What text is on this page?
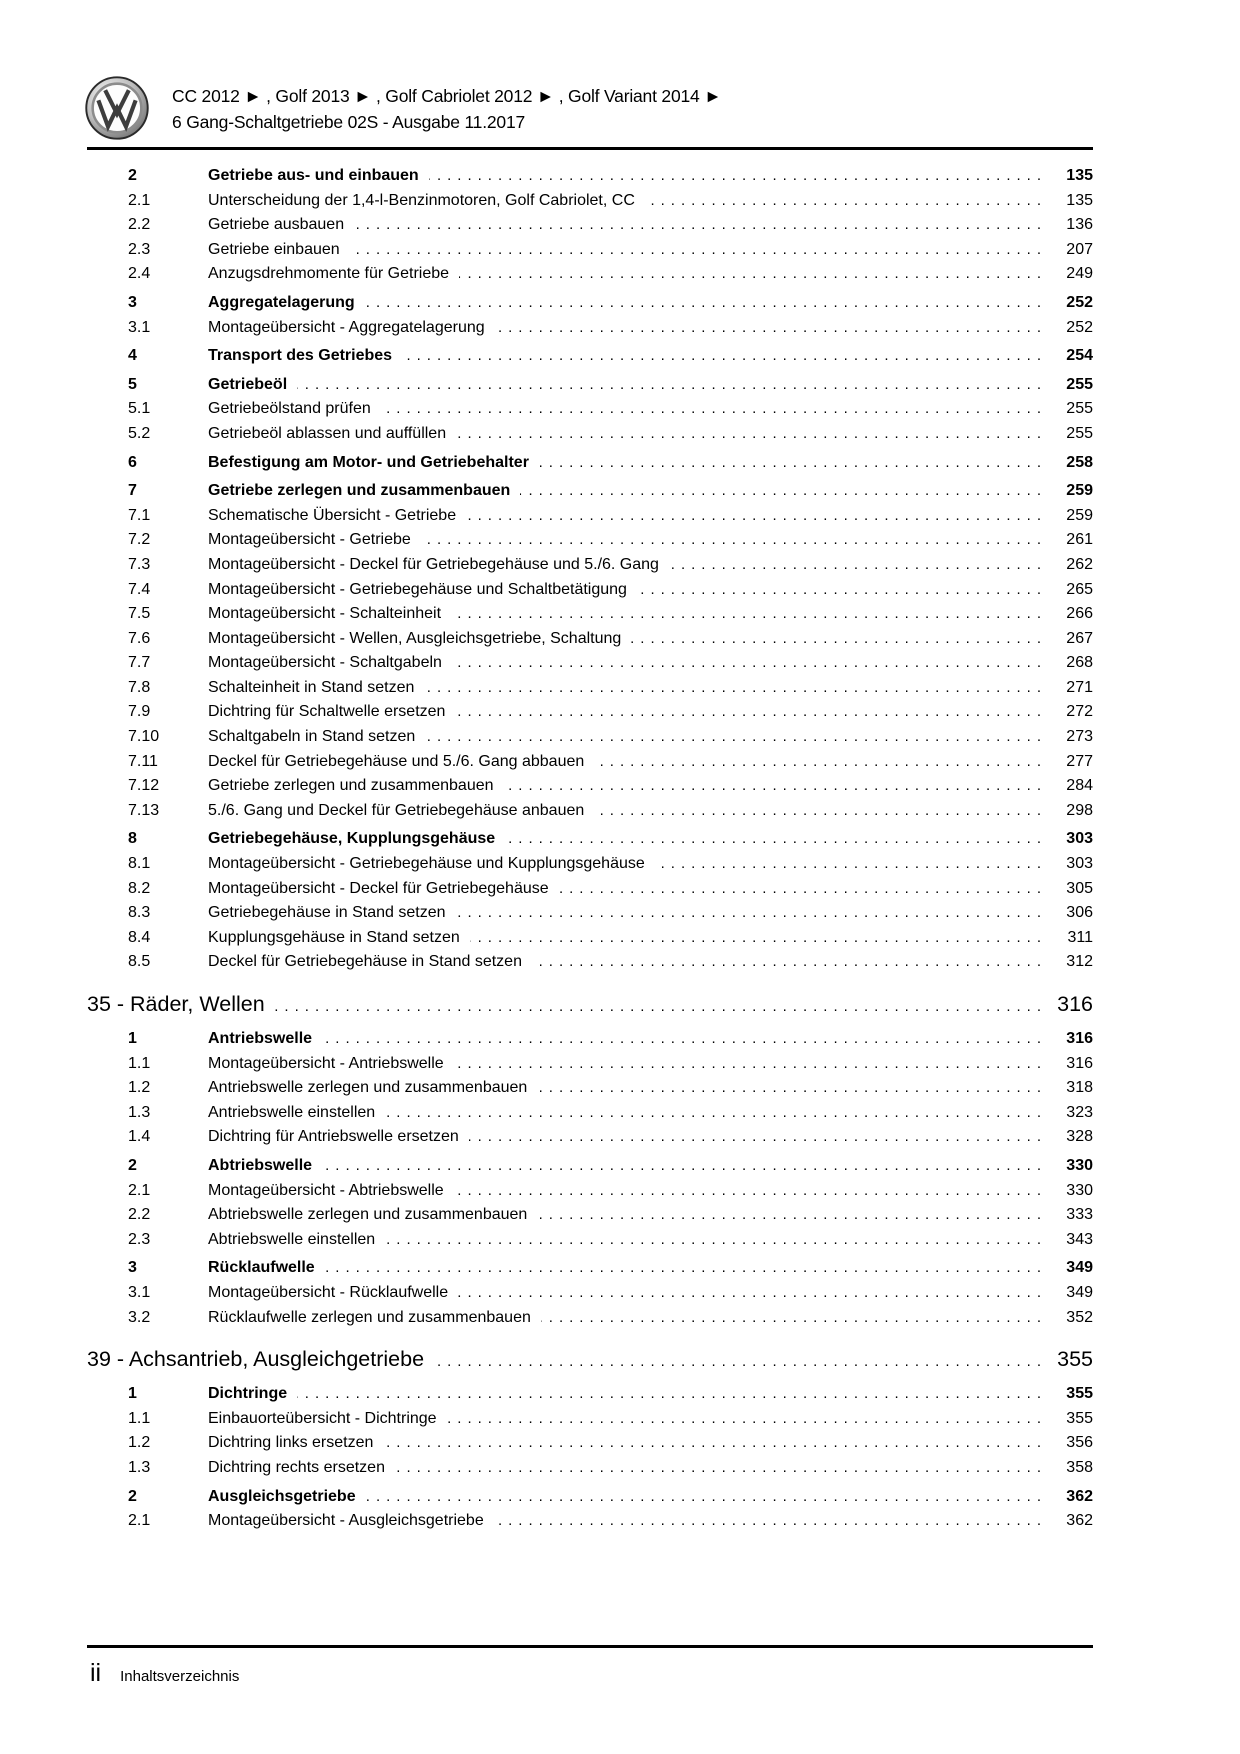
CC 2012 ► , Golf 2013 ► , Golf Cabriolet 2012 ► , Golf Variant 2014 ►
6 Gang-Schaltgetriebe 02S - Ausgabe 11.2017
2	Getriebe aus- und einbauen .....	135
2.1	Unterscheidung der 1,4-l-Benzinmotoren, Golf Cabriolet, CC .....	135
2.2	Getriebe ausbauen .....	136
2.3	Getriebe einbauen .....	207
2.4	Anzugsdrehmomente für Getriebe .....	249
3	Aggregatelagerung .....	252
3.1	Montageübersicht - Aggregatelagerung .....	252
4	Transport des Getriebes .....	254
5	Getriebeöl .....	255
5.1	Getriebeölstand prüfen .....	255
5.2	Getriebeöl ablassen und auffüllen .....	255
6	Befestigung am Motor- und Getriebehalter .....	258
7	Getriebe zerlegen und zusammenbauen .....	259
7.1	Schematische Übersicht - Getriebe .....	259
7.2	Montageübersicht - Getriebe .....	261
7.3	Montageübersicht - Deckel für Getriebegehäuse und 5./6. Gang .....	262
7.4	Montageübersicht - Getriebegehäuse und Schaltbetätigung .....	265
7.5	Montageübersicht - Schalteinheit .....	266
7.6	Montageübersicht - Wellen, Ausgleichsgetriebe, Schaltung .....	267
7.7	Montageübersicht - Schaltgabeln .....	268
7.8	Schalteinheit in Stand setzen .....	271
7.9	Dichtring für Schaltwelle ersetzen .....	272
7.10	Schaltgabeln in Stand setzen .....	273
7.11	Deckel für Getriebegehäuse und 5./6. Gang abbauen .....	277
7.12	Getriebe zerlegen und zusammenbauen .....	284
7.13	5./6. Gang und Deckel für Getriebegehäuse anbauen .....	298
8	Getriebegehäuse, Kupplungsgehäuse .....	303
8.1	Montageübersicht - Getriebegehäuse und Kupplungsgehäuse .....	303
8.2	Montageübersicht - Deckel für Getriebegehäuse .....	305
8.3	Getriebegehäuse in Stand setzen .....	306
8.4	Kupplungsgehäuse in Stand setzen .....	311
8.5	Deckel für Getriebegehäuse in Stand setzen .....	312
35 - Räder, Wellen .....	316
1	Antriebswelle .....	316
1.1	Montageübersicht - Antriebswelle .....	316
1.2	Antriebswelle zerlegen und zusammenbauen .....	318
1.3	Antriebswelle einstellen .....	323
1.4	Dichtring für Antriebswelle ersetzen .....	328
2	Abtriebswelle .....	330
2.1	Montageübersicht - Abtriebswelle .....	330
2.2	Abtriebswelle zerlegen und zusammenbauen .....	333
2.3	Abtriebswelle einstellen .....	343
3	Rücklaufwelle .....	349
3.1	Montageübersicht - Rücklaufwelle .....	349
3.2	Rücklaufwelle zerlegen und zusammenbauen .....	352
39 - Achsantrieb, Ausgleichgetriebe .....	355
1	Dichtringe .....	355
1.1	Einbauorteübersicht - Dichtringe .....	355
1.2	Dichtring links ersetzen .....	356
1.3	Dichtring rechts ersetzen .....	358
2	Ausgleichsgetriebe .....	362
2.1	Montageübersicht - Ausgleichsgetriebe .....	362
ii Inhaltsverzeichnis
